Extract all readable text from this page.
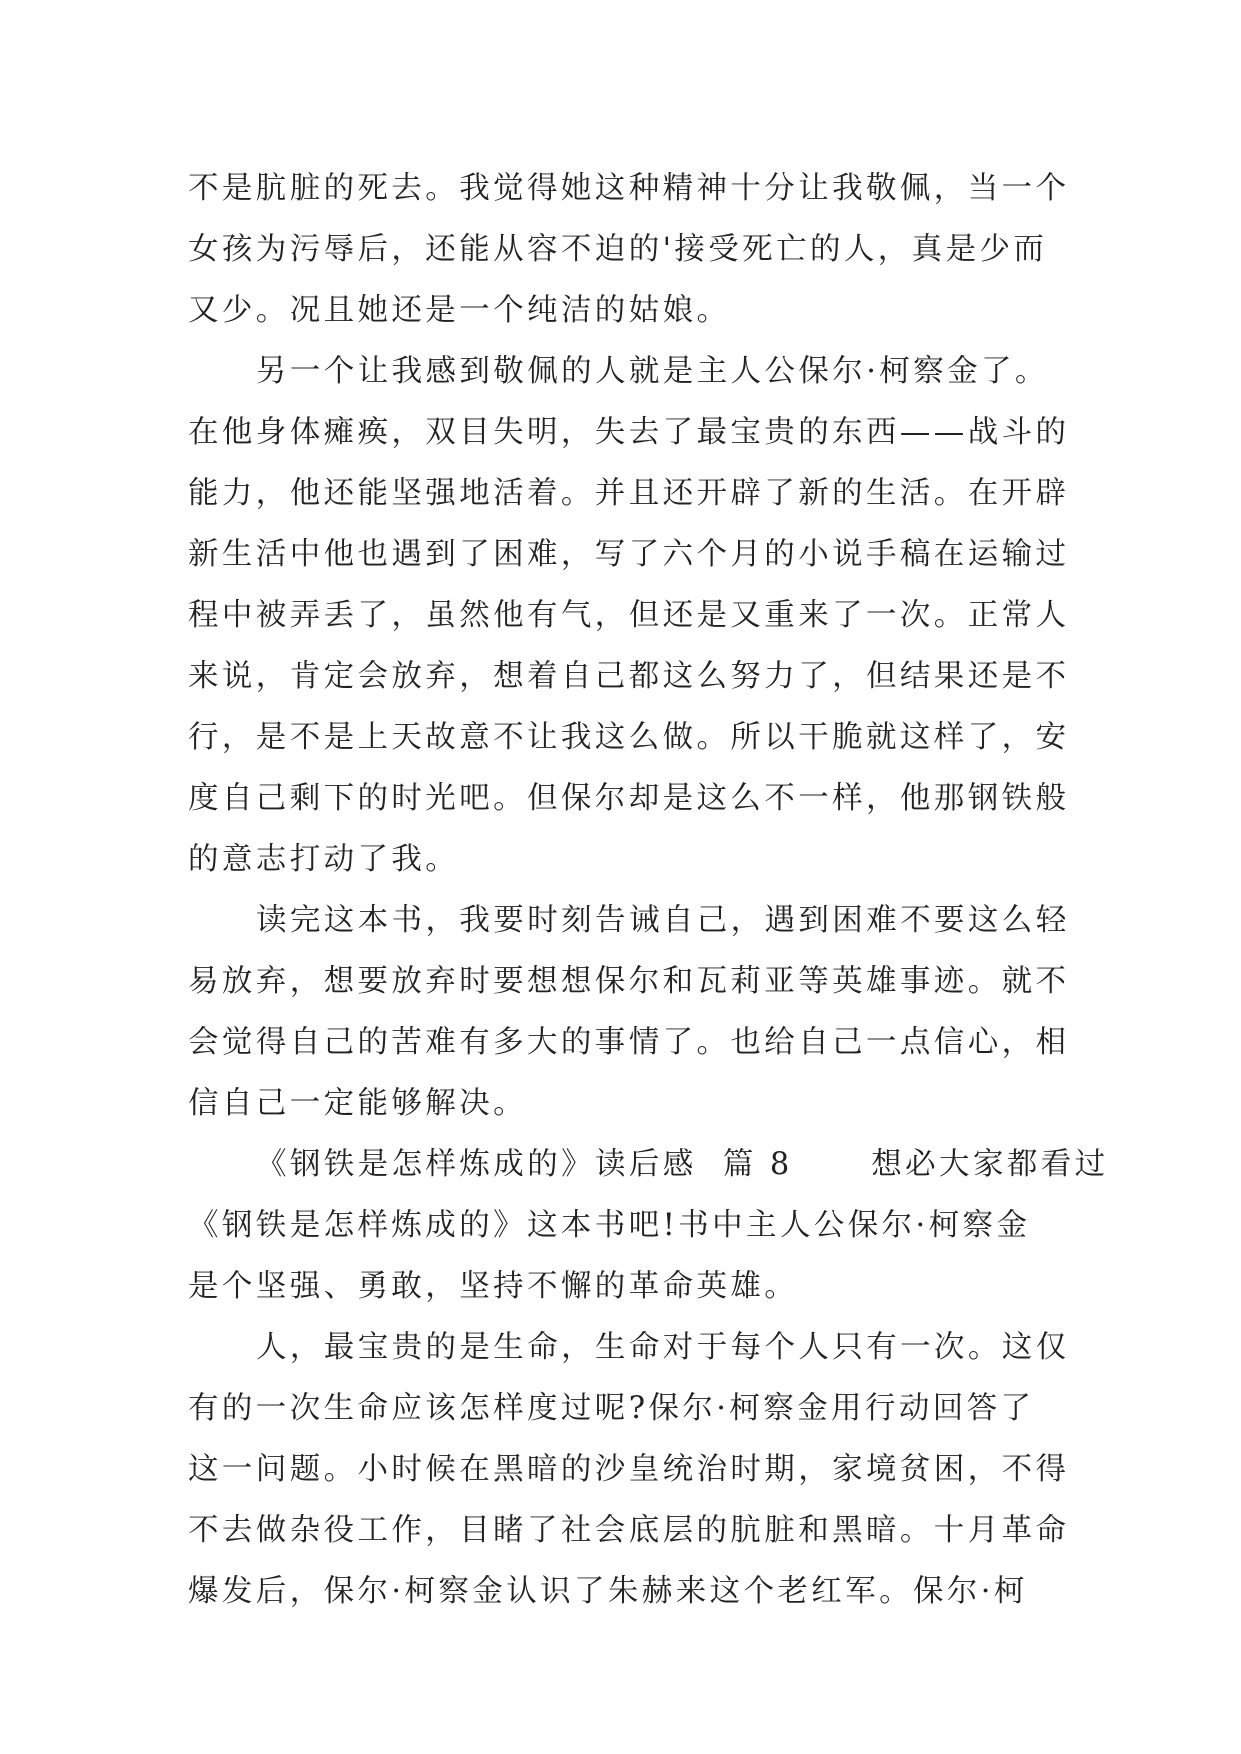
不是肮脏的死去。我觉得她这种精神十分让我敬佩，当一个
女孩为污辱后，还能从容不迫的'接受死亡的人，真是少而
又少。况且她还是一个纯洁的姑娘。
另一个让我感到敬佩的人就是主人公保尔·柯察金了。
在他身体瘫痪，双目失明，失去了最宝贵的东西——战斗的
能力，他还能坚强地活着。并且还开辟了新的生活。在开辟
新生活中他也遇到了困难，写了六个月的小说手稿在运输过
程中被弄丢了，虽然他有气，但还是又重来了一次。正常人
来说，肯定会放弃，想着自己都这么努力了，但结果还是不
行，是不是上天故意不让我这么做。所以干脆就这样了，安
度自己剩下的时光吧。但保尔却是这么不一样，他那钢铁般
的意志打动了我。
读完这本书，我要时刻告诫自己，遇到困难不要这么轻
易放弃，想要放弃时要想想保尔和瓦莉亚等英雄事迹。就不
会觉得自己的苦难有多大的事情了。也给自己一点信心，相
信自己一定能够解决。
《钢铁是怎样炼成的》读后感  篇 8      想必大家都看过
《钢铁是怎样炼成的》这本书吧!书中主人公保尔·柯察金
是个坚强、勇敢，坚持不懈的革命英雄。
人，最宝贵的是生命，生命对于每个人只有一次。这仅
有的一次生命应该怎样度过呢?保尔·柯察金用行动回答了
这一问题。小时候在黑暗的沙皇统治时期，家境贫困，不得
不去做杂役工作，目睹了社会底层的肮脏和黑暗。十月革命
爆发后，保尔·柯察金认识了朱赫来这个老红军。保尔·柯
